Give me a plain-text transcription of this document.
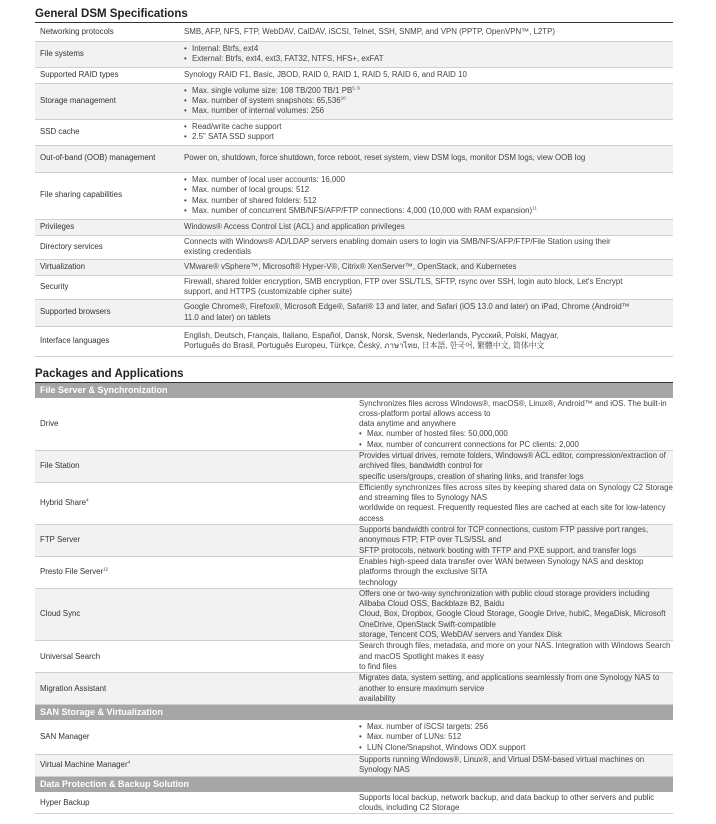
General DSM Specifications
Networking protocols	SMB, AFP, NFS, FTP, WebDAV, CalDAV, iSCSI, Telnet, SSH, SNMP, and VPN (PPTP, OpenVPN™, L2TP)

File systems	• Internal: Btrfs, ext4
• External: Btrfs, ext4, ext3, FAT32, NTFS, HFS+, exFAT

Supported RAID types	Synology RAID F1, Basic, JBOD, RAID 0, RAID 1, RAID 5, RAID 6, and RAID 10

Storage management	• Max. single volume size: 108 TB/200 TB/1 PB$^{5, 9}$
• Max. number of system snapshots: 65,536$^{10}$
• Max. number of internal volumes: 256

SSD cache	• Read/write cache support
• 2.5" SATA SSD support

Out-of-band (OOB) management	Power on, shutdown, force shutdown, force reboot, reset system, view DSM logs, monitor DSM logs, view OOB log

File sharing capabilities	• Max. number of local user accounts: 16,000
• Max. number of local groups: 512
• Max. number of shared folders: 512
• Max. number of concurrent SMB/NFS/AFP/FTP connections: 4,000 (10,000 with RAM expansion)$^{11}$

Privileges	Windows® Access Control List (ACL) and application privileges

Directory services	Connects with Windows® AD/LDAP servers enabling domain users to login via SMB/NFS/AFP/FTP/File Station using their
existing credentials

Virtualization	VMware® vSphere™, Microsoft® Hyper-V®, Citrix® XenServer™, OpenStack, and Kubernetes

Security	Firewall, shared folder encryption, SMB encryption, FTP over SSL/TLS, SFTP, rsync over SSH, login auto block, Let's Encrypt
support, and HTTPS (customizable cipher suite)

Supported browsers	Google Chrome®, Firefox®, Microsoft Edge®, Safari® 13 and later, and Safari (iOS 13.0 and later) on iPad, Chrome (Android™
11.0 and later) on tablets

Interface languages	English, Deutsch, Français, Italiano, Español, Dansk, Norsk, Svensk, Nederlands, Русский, Polski, Magyar,
Português do Brasil, Português Europeu, Türkçe, Český, ภาษาไทย, 日本語, 한국어, 繁體中文, 简体中文
Packages and Applications
File Server & Synchronization	

Drive	Synchronizes files across Windows®, macOS®, Linux®, Android™ and iOS. The built-in cross-platform portal allows access to
data anytime and anywhere
• Max. number of hosted files: 50,000,000
• Max. number of concurrent connections for PC clients: 2,000

File Station	Provides virtual drives, remote folders, Windows® ACL editor, compression/extraction of archived files, bandwidth control for
specific users/groups, creation of sharing links, and transfer logs

Hybrid Share$^4$	Efficiently synchronizes files across sites by keeping shared data on Synology C2 Storage and streaming files to Synology NAS
worldwide on request. Frequently requested files are cached at each site for low-latency access

FTP Server	Supports bandwidth control for TCP connections, custom FTP passive port ranges, anonymous FTP, FTP over TLS/SSL and
SFTP protocols, network booting with TFTP and PXE support, and transfer logs

Presto File Server$^{12}$	Enables high-speed data transfer over WAN between Synology NAS and desktop platforms through the exclusive SITA
technology

Cloud Sync	Offers one or two-way synchronization with public cloud storage providers including Alibaba Cloud OSS, Backblaze B2, Baidu
Cloud, Box, Dropbox, Google Cloud Storage, Google Drive, hubiC, MegaDisk, Microsoft OneDrive, OpenStack Swift-compatible
storage, Tencent COS, WebDAV servers and Yandex Disk

Universal Search	Search through files, metadata, and more on your NAS. Integration with Windows Search and macOS Spotlight makes it easy
to find files

Migration Assistant	Migrates data, system setting, and applications seamlessly from one Synology NAS to another to ensure maximum service
availability

SAN Storage & Virtualization	

SAN Manager	• Max. number of iSCSI targets: 256
• Max. number of LUNs: 512
• LUN Clone/Snapshot, Windows ODX support

Virtual Machine Manager$^4$	Supports running Windows®, Linux®, and Virtual DSM-based virtual machines on Synology NAS

Data Protection & Backup Solution	

Hyper Backup	Supports local backup, network backup, and data backup to other servers and public clouds, including C2 Storage
